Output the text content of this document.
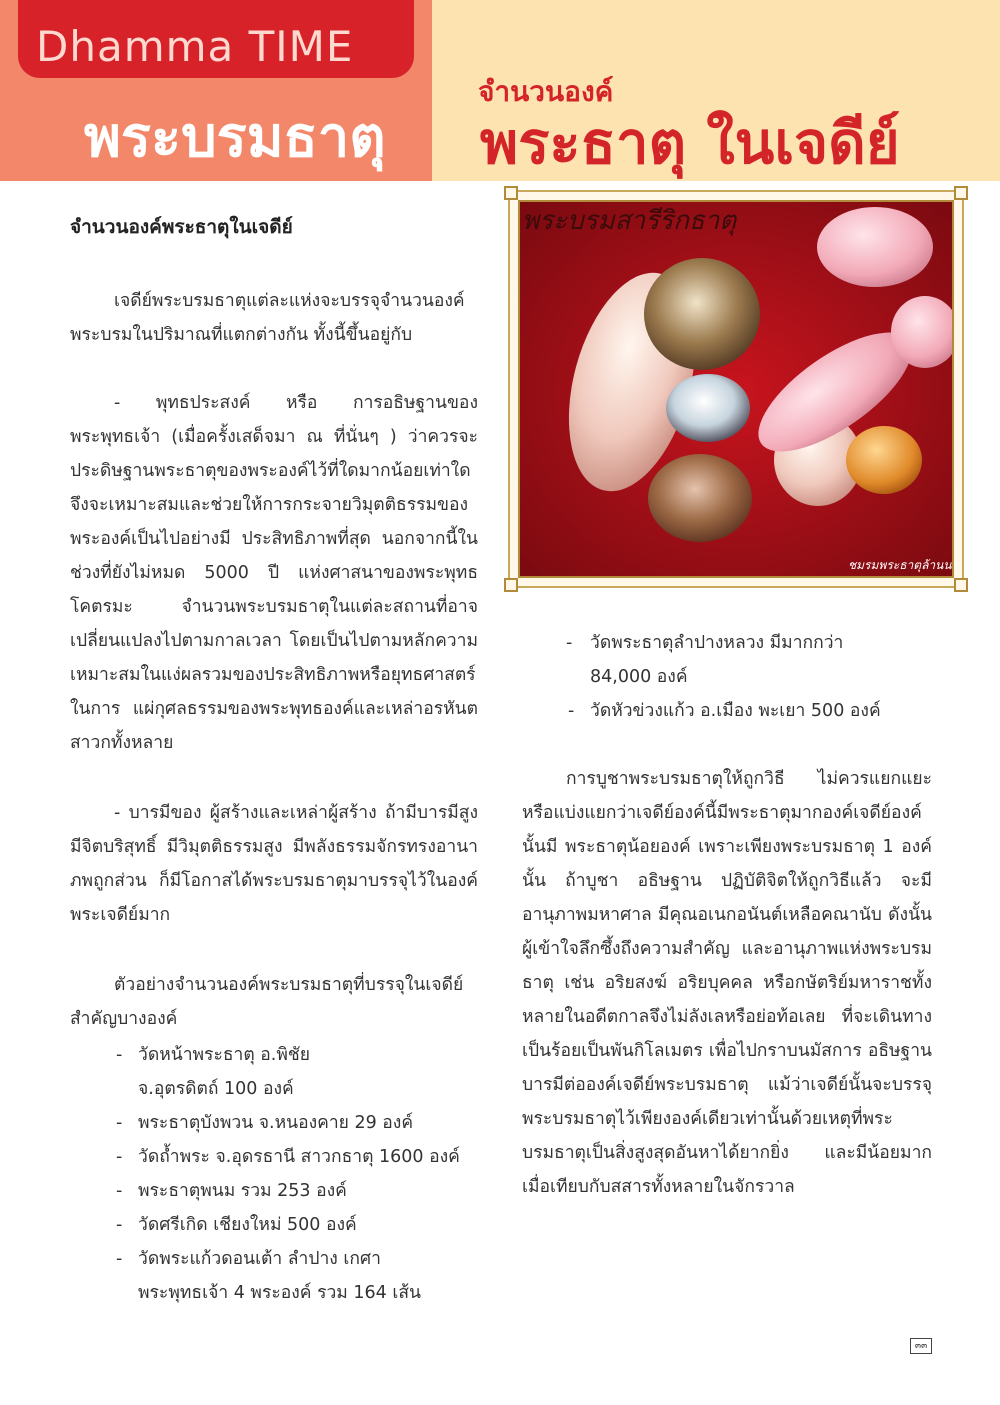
Dhamma TIME
พระบรมธาตุ
จำนวนองค์
พระธาตุ ในเจดีย์
พระบรมสารีริกธาตุ
ชมรมพระธาตุล้านนา
จำนวนองค์พระธาตุในเจดีย์
เจดีย์พระบรมธาตุแต่ละแห่งจะบรรจุจำนวนองค์พระบรมในปริมาณที่แตกต่างกัน ทั้งนี้ขึ้นอยู่กับ
- พุทธประสงค์ หรือ การอธิษฐานของพระพุทธเจ้า (เมื่อครั้งเสด็จมา ณ ที่นั่นๆ ) ว่าควรจะประดิษฐานพระธาตุของพระองค์ไว้ที่ใดมากน้อยเท่าใด จึงจะเหมาะสมและช่วยให้การกระจายวิมุตติธรรมของพระองค์เป็นไปอย่างมี ประสิทธิภาพที่สุด นอกจากนี้ในช่วงที่ยังไม่หมด 5000 ปี แห่งศาสนาของพระพุทธโคตรมะ จำนวนพระบรมธาตุในแต่ละสถานที่อาจเปลี่ยนแปลงไปตามกาลเวลา โดยเป็นไปตามหลักความเหมาะสมในแง่ผลรวมของประสิทธิภาพหรือยุทธศาสตร์ในการ แผ่กุศลธรรมของพระพุทธองค์และเหล่าอรหันตสาวกทั้งหลาย
- บารมีของ ผู้สร้างและเหล่าผู้สร้าง ถ้ามีบารมีสูง มีจิตบริสุทธิ์ มีวิมุตติธรรมสูง มีพลังธรรมจักรทรงอานาภพถูกส่วน ก็มีโอกาสได้พระบรมธาตุมาบรรจุไว้ในองค์พระเจดีย์มาก
ตัวอย่างจำนวนองค์พระบรมธาตุที่บรรจุในเจดีย์สำคัญบางองค์
- วัดหน้าพระธาตุ อ.พิชัย
จ.อุตรดิตถ์ 100 องค์
- พระธาตุบังพวน จ.หนองคาย 29 องค์
- วัดถ้ำพระ จ.อุดรธานี สาวกธาตุ 1600 องค์
- พระธาตุพนม รวม 253 องค์
- วัดศรีเกิด เชียงใหม่ 500 องค์
- วัดพระแก้วดอนเต้า ลำปาง เกศา
พระพุทธเจ้า 4 พระองค์ รวม 164 เส้น
- วัดพระธาตุลำปางหลวง มีมากกว่า
84,000 องค์
- วัดหัวข่วงแก้ว อ.เมือง พะเยา 500 องค์
การบูชาพระบรมธาตุให้ถูกวิธี ไม่ควรแยกแยะหรือแบ่งแยกว่าเจดีย์องค์นี้มีพระธาตุมากองค์เจดีย์องค์นั้นมี พระธาตุน้อยองค์ เพราะเพียงพระบรมธาตุ 1 องค์นั้น ถ้าบูชา อธิษฐาน ปฏิบัติจิตให้ถูกวิธีแล้ว จะมีอานุภาพมหาศาล มีคุณอเนกอนันต์เหลือคณานับ ดังนั้นผู้เข้าใจลึกซึ้งถึงความสำคัญ และอานุภาพแห่งพระบรมธาตุ เช่น อริยสงฆ์ อริยบุคคล หรือกษัตริย์มหาราชทั้งหลายในอดีตกาลจึงไม่ลังเลหรือย่อท้อเลย ที่จะเดินทางเป็นร้อยเป็นพันกิโลเมตร เพื่อไปกราบนมัสการ อธิษฐานบารมีต่อองค์เจดีย์พระบรมธาตุ แม้ว่าเจดีย์นั้นจะบรรจุพระบรมธาตุไว้เพียงองค์เดียวเท่านั้นด้วยเหตุที่พระ บรมธาตุเป็นสิ่งสูงสุดอันหาได้ยากยิ่ง และมีน้อยมาก เมื่อเทียบกับสสารทั้งหลายในจักรวาล
๓๓
